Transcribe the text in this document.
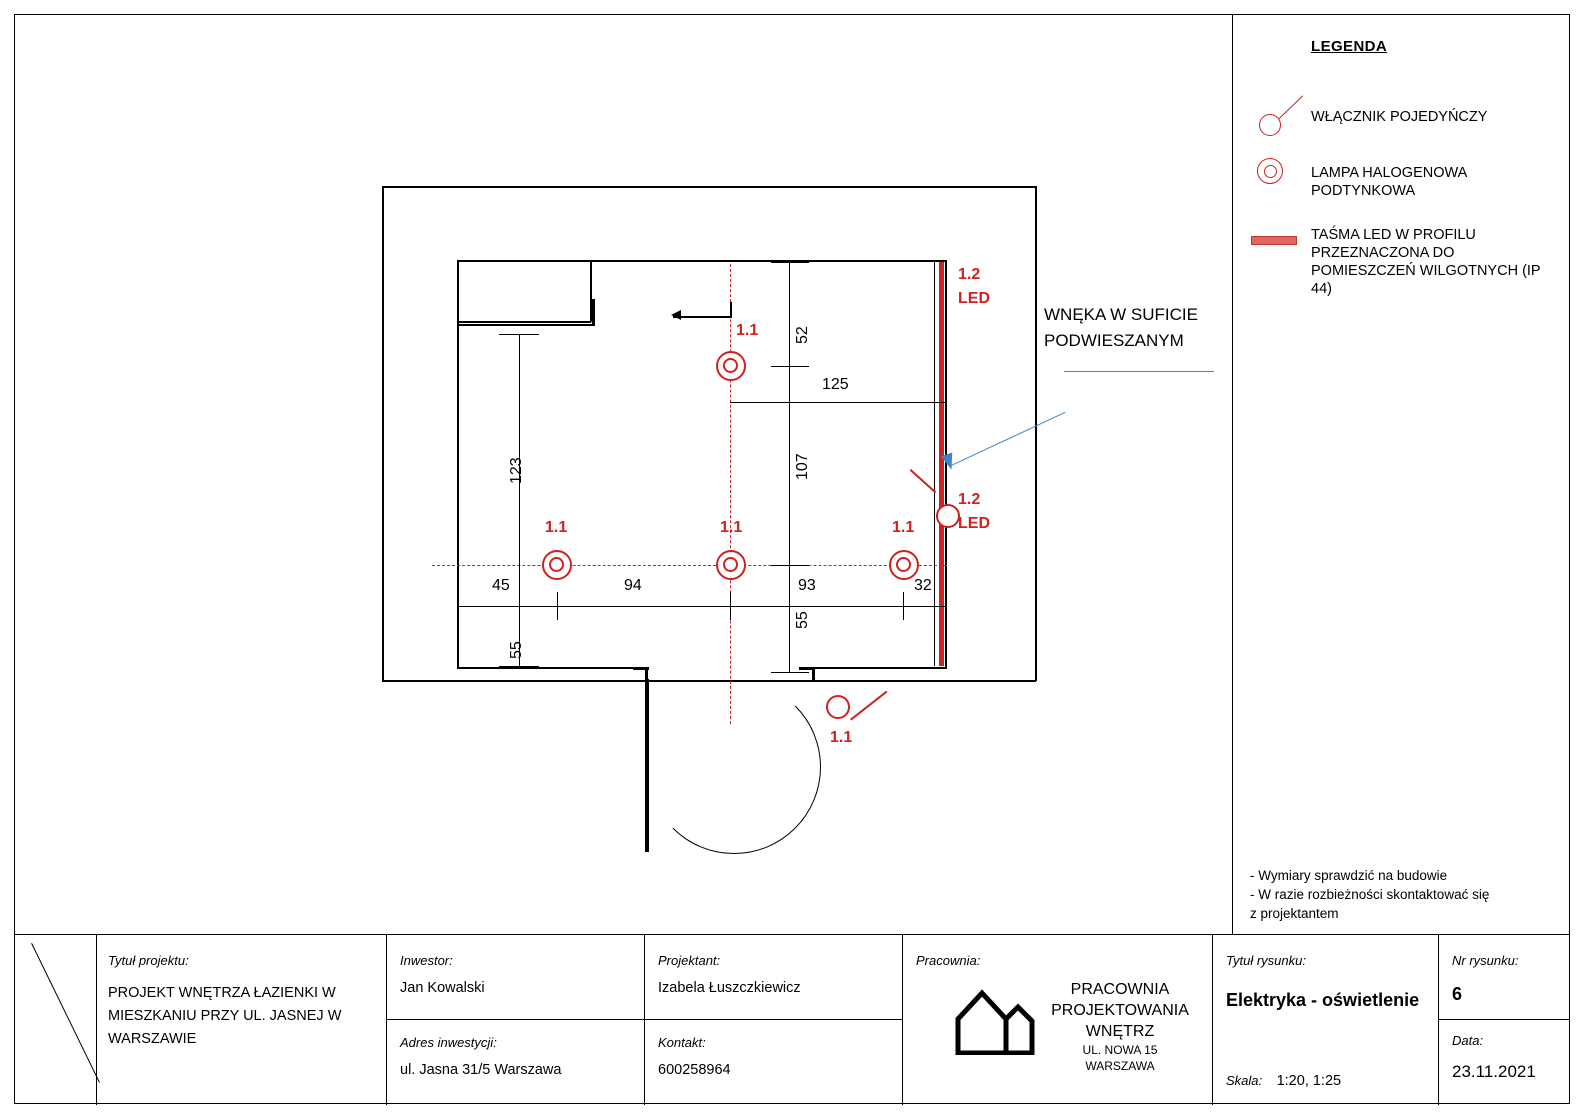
123
52
125
107
45	94	93	32
55
55
1.1
1.1	1.1	1.1
1.1
1.2
LED
1.2
LED
WNĘKA W SUFICIE PODWIESZANYM
LEGENDA
WŁĄCZNIK POJEDYŃCZY
LAMPA HALOGENOWA PODTYNKOWA
TAŚMA LED W PROFILU PRZEZNACZONA DO POMIESZCZEŃ WILGOTNYCH (IP 44)
- Wymiary sprawdzić na budowie
- W razie rozbieżności skontaktować się
z projektantem
Tytuł projektu:
PROJEKT WNĘTRZA ŁAZIENKI W MIESZKANIU PRZY UL. JASNEJ W WARSZAWIE
Inwestor:
Jan Kowalski
Adres inwestycji:
ul. Jasna 31/5 Warszawa
Projektant:
Izabela Łuszczkiewicz
Kontakt:
600258964
Pracownia:
PRACOWNIA
PROJEKTOWANIA
WNĘTRZ
UL. NOWA 15
WARSZAWA
Tytuł rysunku:
Elektryka - oświetlenie
Skala: 1:20, 1:25
Nr rysunku:
6
Data:
23.11.2021
